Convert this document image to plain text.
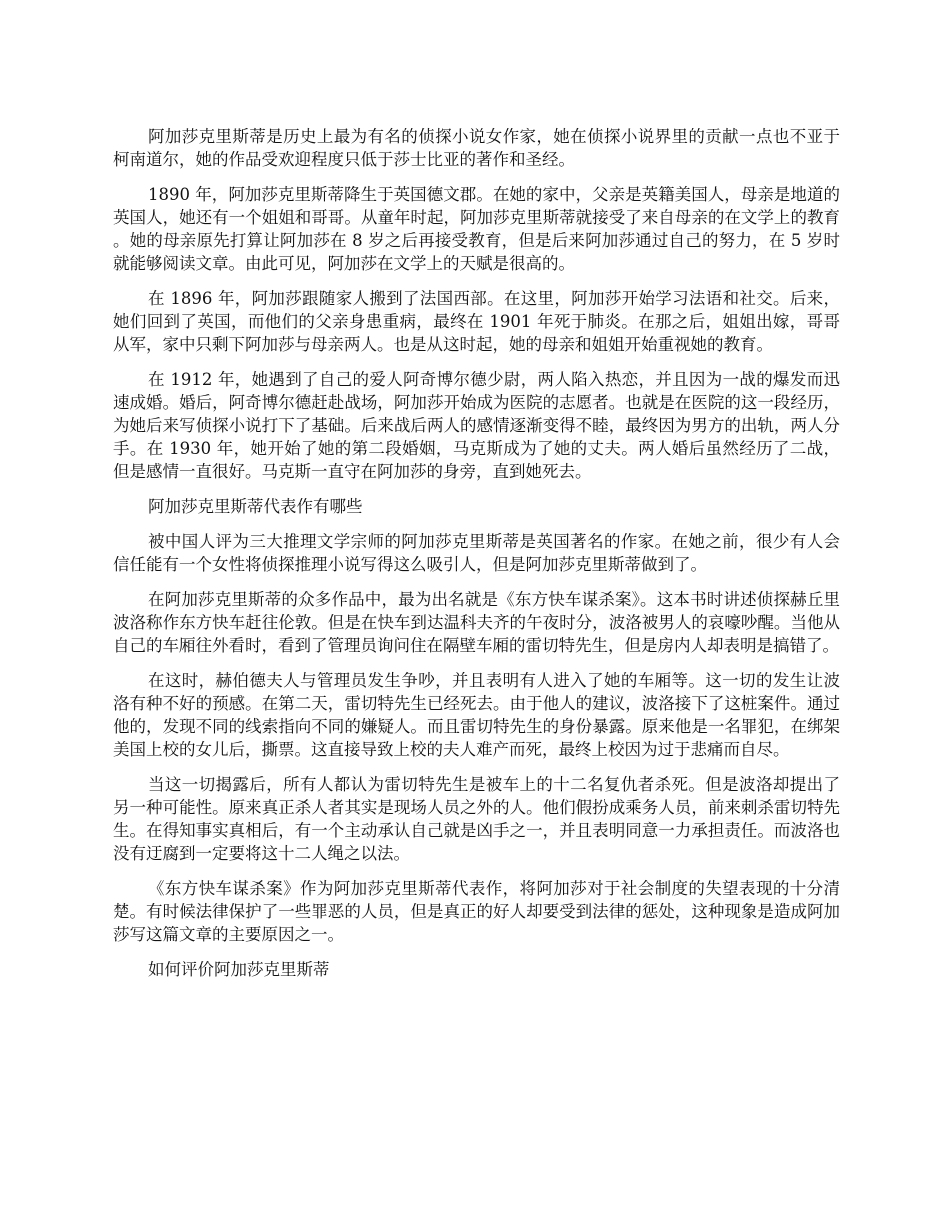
阿加莎克里斯蒂是历史上最为有名的侦探小说女作家，她在侦探小说界里的贡献一点也不亚于柯南道尔，她的作品受欢迎程度只低于莎士比亚的著作和圣经。

1890 年，阿加莎克里斯蒂降生于英国德文郡。在她的家中，父亲是英籍美国人，母亲是地道的英国人，她还有一个姐姐和哥哥。从童年时起，阿加莎克里斯蒂就接受了来自母亲的在文学上的教育。她的母亲原先打算让阿加莎在 8 岁之后再接受教育，但是后来阿加莎通过自己的努力，在 5 岁时就能够阅读文章。由此可见，阿加莎在文学上的天赋是很高的。

在 1896 年，阿加莎跟随家人搬到了法国西部。在这里，阿加莎开始学习法语和社交。后来，她们回到了英国，而他们的父亲身患重病，最终在 1901 年死于肺炎。在那之后，姐姐出嫁，哥哥从军，家中只剩下阿加莎与母亲两人。也是从这时起，她的母亲和姐姐开始重视她的教育。

在 1912 年，她遇到了自己的爱人阿奇博尔德少尉，两人陷入热恋，并且因为一战的爆发而迅速成婚。婚后，阿奇博尔德赶赴战场，阿加莎开始成为医院的志愿者。也就是在医院的这一段经历，为她后来写侦探小说打下了基础。后来战后两人的感情逐渐变得不睦，最终因为男方的出轨，两人分手。在 1930 年，她开始了她的第二段婚姻，马克斯成为了她的丈夫。两人婚后虽然经历了二战，但是感情一直很好。马克斯一直守在阿加莎的身旁，直到她死去。

阿加莎克里斯蒂代表作有哪些

被中国人评为三大推理文学宗师的阿加莎克里斯蒂是英国著名的作家。在她之前，很少有人会信任能有一个女性将侦探推理小说写得这么吸引人，但是阿加莎克里斯蒂做到了。

在阿加莎克里斯蒂的众多作品中，最为出名就是《东方快车谋杀案》。这本书时讲述侦探赫丘里波洛称作东方快车赶往伦敦。但是在快车到达温科夫齐的午夜时分，波洛被男人的哀嚎吵醒。当他从自己的车厢往外看时，看到了管理员询问住在隔壁车厢的雷切特先生，但是房内人却表明是搞错了。

在这时，赫伯德夫人与管理员发生争吵，并且表明有人进入了她的车厢等。这一切的发生让波洛有种不好的预感。在第二天，雷切特先生已经死去。由于他人的建议，波洛接下了这桩案件。通过他的，发现不同的线索指向不同的嫌疑人。而且雷切特先生的身份暴露。原来他是一名罪犯，在绑架美国上校的女儿后，撕票。这直接导致上校的夫人难产而死，最终上校因为过于悲痛而自尽。

当这一切揭露后，所有人都认为雷切特先生是被车上的十二名复仇者杀死。但是波洛却提出了另一种可能性。原来真正杀人者其实是现场人员之外的人。他们假扮成乘务人员，前来刺杀雷切特先生。在得知事实真相后，有一个主动承认自己就是凶手之一，并且表明同意一力承担责任。而波洛也没有迂腐到一定要将这十二人绳之以法。

《东方快车谋杀案》作为阿加莎克里斯蒂代表作，将阿加莎对于社会制度的失望表现的十分清楚。有时候法律保护了一些罪恶的人员，但是真正的好人却要受到法律的惩处，这种现象是造成阿加莎写这篇文章的主要原因之一。

如何评价阿加莎克里斯蒂
